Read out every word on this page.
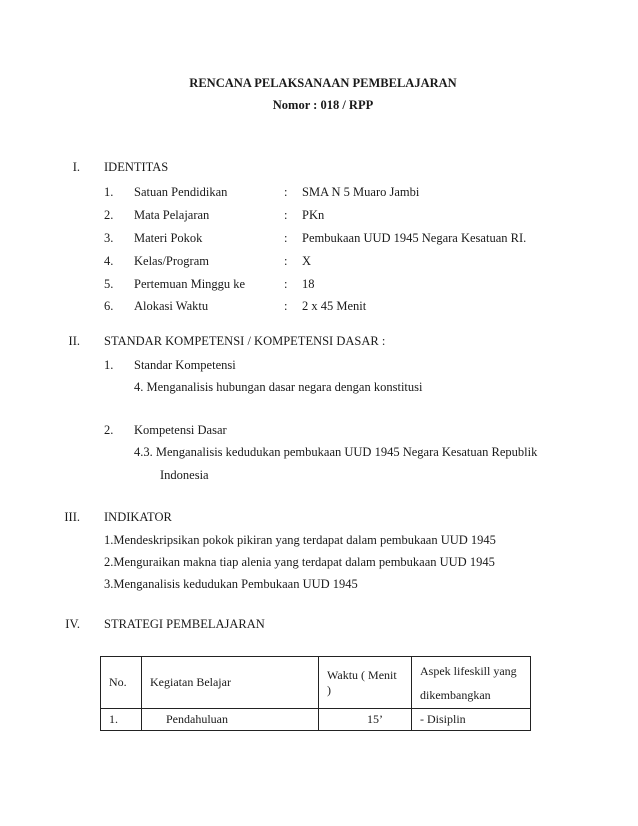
RENCANA PELAKSANAAN PEMBELAJARAN
Nomor : 018 / RPP
I. IDENTITAS
1. Satuan Pendidikan	: SMA N 5 Muaro Jambi
2. Mata Pelajaran	: PKn
3. Materi Pokok	: Pembukaan UUD 1945 Negara Kesatuan RI.
4. Kelas/Program	: X
5. Pertemuan Minggu ke	: 18
6. Alokasi Waktu	: 2 x 45 Menit
II. STANDAR KOMPETENSI / KOMPETENSI DASAR :
1. Standar Kompetensi
4. Menganalisis hubungan dasar negara dengan konstitusi
2. Kompetensi Dasar
4.3. Menganalisis kedudukan pembukaan UUD 1945 Negara Kesatuan Republik
Indonesia
III. INDIKATOR
1.Mendeskripsikan pokok pikiran yang terdapat dalam pembukaan UUD 1945
2.Menguraikan makna tiap alenia yang terdapat dalam pembukaan UUD 1945
3.Menganalisis kedudukan Pembukaan UUD 1945
IV. STRATEGI PEMBELAJARAN
No.	Kegiatan Belajar	Waktu ( Menit )	Aspek lifeskill yang
dikembangkan

1.	Pendahuluan	15’	- Disiplin
